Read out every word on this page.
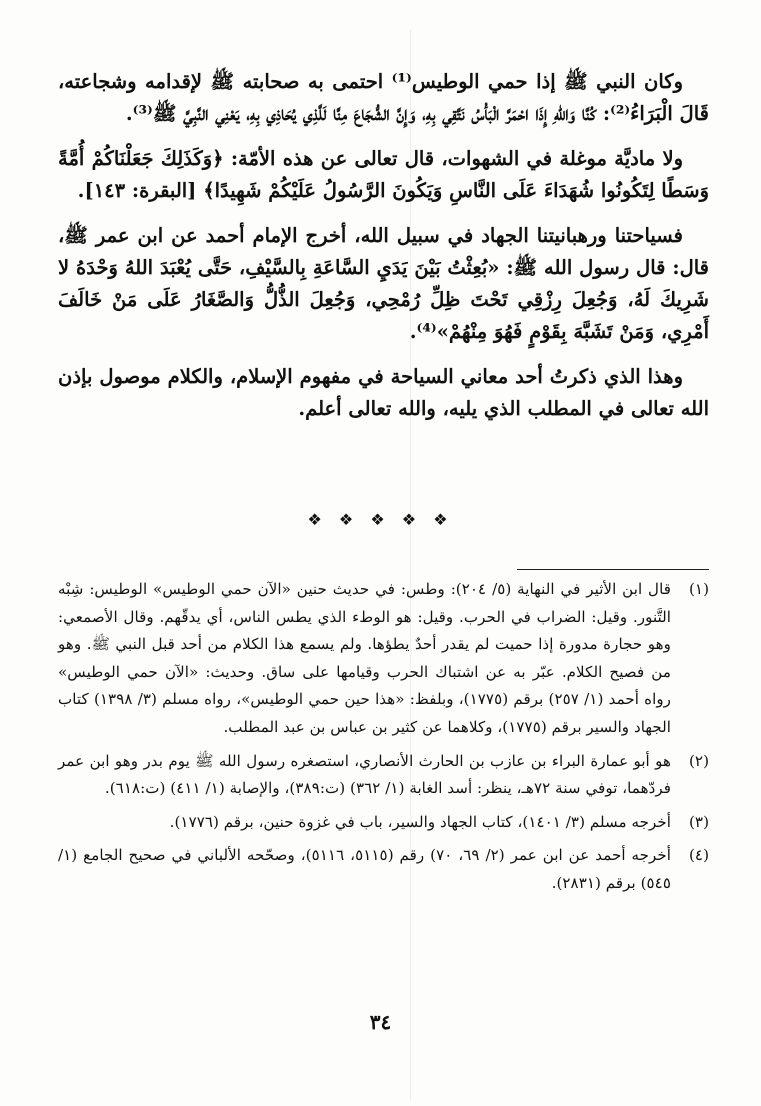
وكان النبي ﷺ إذا حمي الوطيس⁽¹⁾ احتمى به صحابته ﷺ لإقدامه وشجاعته، قَالَ الْبَرَاءُ⁽²⁾: كُنَّا وَاللهِ إِذَا احْمَرَّ الْبَأْسُ نَتَّقِي بِهِ، وَإِنَّ الشُّجَاعَ مِنَّا لَلَّذِي يُحَاذِي بِهِ، يَعْنِي النَّبِيَّ ﷺ⁽³⁾.

ولا ماديَّة موغلة في الشهوات، قال تعالى عن هذه الأمّة: ﴿وَكَذَلِكَ جَعَلْنَاكُمْ أُمَّةً وَسَطًا لِتَكُونُوا شُهَدَاءَ عَلَى النَّاسِ وَيَكُونَ الرَّسُولُ عَلَيْكُمْ شَهِيدًا﴾ [البقرة: ١٤٣].

فسياحتنا ورهبانيتنا الجهاد في سبيل الله، أخرج الإمام أحمد عن ابن عمر ﷺ، قال: قال رسول الله ﷺ: «بُعِثْتُ بَيْنَ يَدَيِ السَّاعَةِ بِالسَّيْفِ، حَتَّى يُعْبَدَ اللهُ وَحْدَهُ لا شَرِيكَ لَهُ، وَجُعِلَ رِزْقِي تَحْتَ ظِلِّ رُمْحِي، وَجُعِلَ الذُّلُّ وَالصَّغَارُ عَلَى مَنْ خَالَفَ أَمْرِي، وَمَنْ تَشَبَّهَ بِقَوْمٍ فَهُوَ مِنْهُمْ»⁽⁴⁾.

وهذا الذي ذكرتُ أحد معاني السياحة في مفهوم الإسلام، والكلام موصول بإذن الله تعالى في المطلب الذي يليه، والله تعالى أعلم.

❖ ❖ ❖ ❖ ❖
(١)
قال ابن الأثير في النهاية (٥/ ٢٠٤): وطس: في حديث حنين «الآن حمي الوطيس» الوطيس: شِبْه التَّنور. وقيل: الضراب في الحرب. وقيل: هو الوطء الذي يطس الناس، أي يدقّهم. وقال الأصمعي: وهو حجارة مدورة إذا حميت لم يقدر أحدٌ يطؤها. ولم يسمع هذا الكلام من أحد قبل النبي ﷺ. وهو من فصيح الكلام. عبّر به عن اشتباك الحرب وقيامها على ساق. وحديث: «الآن حمي الوطيس» رواه أحمد (١/ ٢٥٧) برقم (١٧٧٥)، وبلفظ: «هذا حين حمي الوطيس»، رواه مسلم (٣/ ١٣٩٨) كتاب الجهاد والسير برقم (١٧٧٥)، وكلاهما عن كثير بن عباس بن عبد المطلب.
(٢)
هو أبو عمارة البراء بن عازب بن الحارث الأنصاري، استصغره رسول الله ﷺ يوم بدر وهو ابن عمر فردّهما، توفي سنة ٧٢هـ، ينظر: أسد الغابة (١/ ٣٦٢) (ت:٣٨٩)، والإصابة (١/ ٤١١) (ت:٦١٨).
(٣)
أخرجه مسلم (٣/ ١٤٠١)، كتاب الجهاد والسير، باب في غزوة حنين، برقم (١٧٧٦).
(٤)
أخرجه أحمد عن ابن عمر (٢/ ٦٩، ٧٠) رقم (٥١١٥، ٥١١٦)، وصحّحه الألباني في صحيح الجامع (١/ ٥٤٥) برقم (٢٨٣١).
٣٤
